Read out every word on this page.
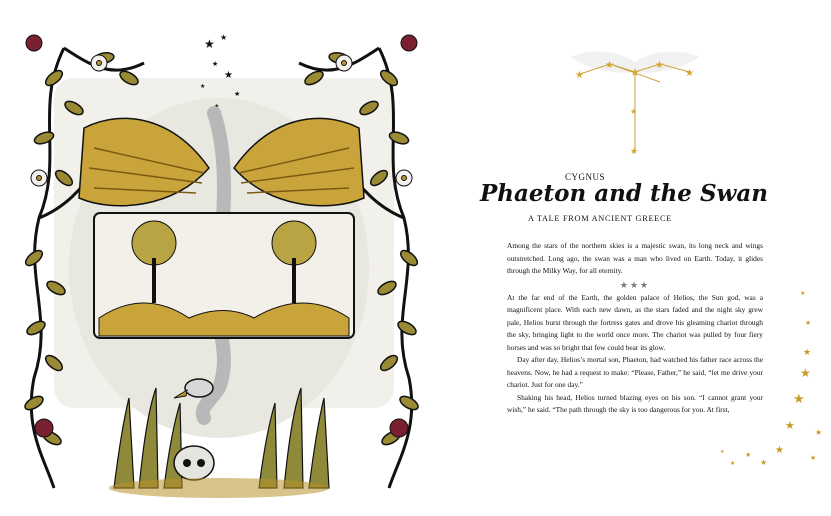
★ ★
★
★
★
★
★
★
★
★
★
★
★
★
CYGNUS
Phaeton and the Swan
A TALE FROM ANCIENT GREECE

Among the stars of the northern skies is a majestic swan, its long neck and wings outstretched. Long ago, the swan was a man who lived on Earth. Today, it glides through the Milky Way, for all eternity.

★★★

At the far end of the Earth, the golden palace of Helios, the Sun god, was a magnificent place. With each new dawn, as the stars faded and the night sky grew pale, Helios burst through the fortress gates and drove his gleaming chariot through the sky, bringing light to the world once more. The chariot was pulled by four fiery horses and was so bright that few could bear its glow.

Day after day, Helios’s mortal son, Phaeton, had watched his father race across the heavens. Now, he had a request to make: “Please, Father,” he said, “let me drive your chariot. Just for one day.”

Shaking his head, Helios turned blazing eyes on his son. “I cannot grant your wish,” he said. “The path through the sky is too dangerous for you. At first,

★
★
★
★
★
★
★
★
★
★
★
★
★
